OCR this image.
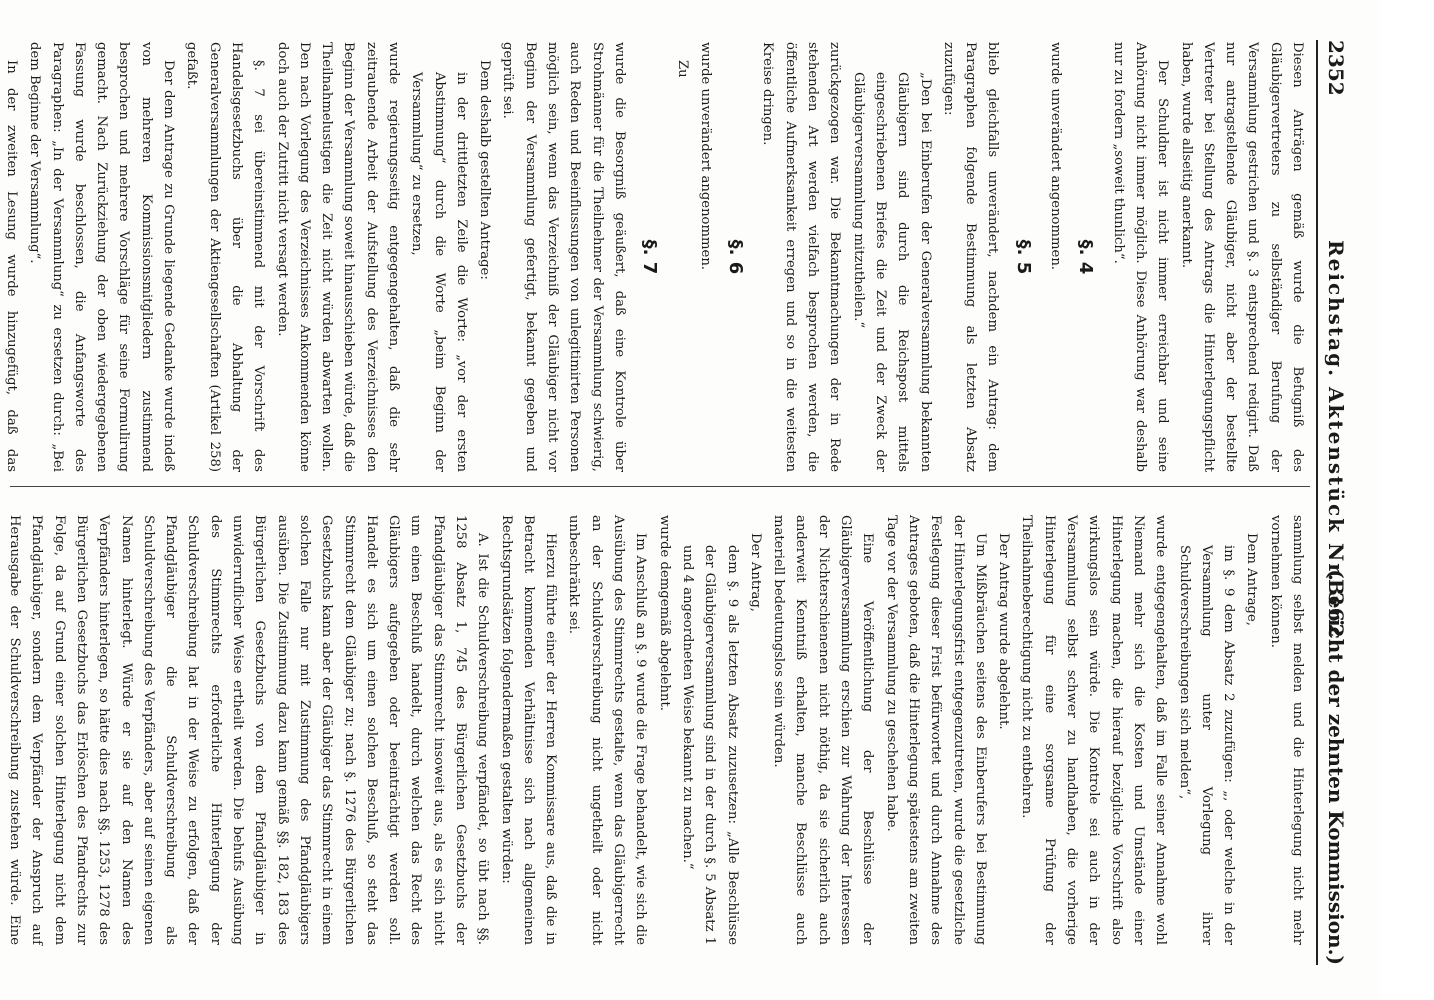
2352
Reichstag. Aktenstück Nr. 362.
(Bericht der zehnten Kommission.)

Diesen Anträgen gemäß wurde die Befugniß des Gläubigervertreters zu selbständiger Berufung der Versammlung gestrichen und §. 3 entsprechend redigirt. Daß nur antragstellende Gläubiger, nicht aber der bestellte Vertreter bei Stellung des Antrags die Hinterlegungspflicht haben, wurde allseitig anerkannt.

Der Schuldner ist nicht immer erreichbar und seine Anhörung nicht immer möglich. Diese Anhörung war deshalb nur zu fordern „soweit thunlich“.

§. 4

wurde unverändert angenommen.

§. 5

blieb gleichfalls unverändert, nachdem ein Antrag: dem Paragraphen folgende Bestimmung als letzten Absatz zuzufügen:

„Den bei Einberufen der Generalversammlung bekannten Gläubigern sind durch die Reichspost mittels eingeschriebenen Briefes die Zeit und der Zweck der Gläubigerversammlung mitzutheilen.“

zurückgezogen war. Die Bekanntmachungen der in Rede stehenden Art werden vielfach besprochen werden, die öffentliche Aufmerksamkeit erregen und so in die weitesten Kreise dringen.

§. 6

wurde unverändert angenommen.

Zu

§. 7

wurde die Besorgniß geäußert, daß eine Kontrole über Strohmänner für die Theilnehmer der Versammlung schwierig, auch Reden und Beeinflussungen von unlegitimirten Personen möglich sein, wenn das Verzeichniß der Gläubiger nicht vor Beginn der Versammlung gefertigt, bekannt gegeben und geprüft sei.

Dem deshalb gestellten Antrage:

in der drittletzten Zeile die Worte: „vor der ersten Abstimmung“ durch die Worte „beim Beginn der Versammlung“ zu ersetzen,

wurde regierungsseitig entgegengehalten, daß die sehr zeitraubende Arbeit der Aufstellung des Verzeichnisses den Beginn der Versammlung soweit hinausschieben würde, daß die Theilnahmelustigen die Zeit nicht würden abwarten wollen. Den nach Vorlegung des Verzeichnisses Ankommenden könne doch auch der Zutritt nicht versagt werden.

§. 7 sei übereinstimmend mit der Vorschrift des Handelsgesetzbuchs über die Abhaltung der Generalversammlungen der Aktiengesellschaften (Artikel 258) gefaßt.

Der dem Antrage zu Grunde liegende Gedanke wurde indeß von mehreren Kommissionsmitgliedern zustimmend besprochen und mehrere Vorschläge für seine Formulirung gemacht. Nach Zurückziehung der oben wiedergegebenen Fassung wurde beschlossen, die Anfangsworte des Paragraphen: „In der Versammlung“ zu ersetzen durch: „Bei dem Beginne der Versammlung“.

In der zweiten Lesung wurde hinzugefügt, daß das

sammlung selbst melden und die Hinterlegung nicht mehr vornehmen können.

Dem Antrage,

im §. 9 dem Absatz 2 zuzufügen: „, oder welche in der Versammlung unter Vorlegung ihrer Schuldverschreibungen sich melden“,

wurde entgegengehalten, daß im Falle seiner Annahme wohl Niemand mehr sich die Kosten und Umstände einer Hinterlegung machen, die hierauf bezügliche Vorschrift also wirkungslos sein würde. Die Kontrole sei auch in der Versammlung selbst schwer zu handhaben, die vorherige Hinterlegung für eine sorgsame Prüfung der Theilnahmeberechtigung nicht zu entbehren.

Der Antrag wurde abgelehnt.

Um Mißbräuchen seitens des Einberufers bei Bestimmung der Hinterlegungsfrist entgegenzutreten, wurde die gesetzliche Festlegung dieser Frist befürwortet und durch Annahme des Antrages geboten, daß die Hinterlegung spätestens am zweiten Tage vor der Versammlung zu geschehen habe.

Eine Veröffentlichung der Beschlüsse der Gläubigerversammlung erschien zur Wahrung der Interessen der Nichterschienenen nicht nöthig, da sie sicherlich auch anderweit Kenntniß erhalten, manche Beschlüsse auch materiell bedeutungslos sein würden.

Der Antrag,

dem §. 9 als letzten Absatz zuzusetzen: „Alle Beschlüsse der Gläubigerversammlung sind in der durch §. 5 Absatz 1 und 4 angeordneten Weise bekannt zu machen.“

wurde demgemäß abgelehnt.

Im Anschluß an §. 9 wurde die Frage behandelt, wie sich die Ausübung des Stimmrechts gestalte, wenn das Gläubigerrecht an der Schuldverschreibung nicht ungetheilt oder nicht unbeschränkt sei.

Hierzu führte einer der Herren Kommissare aus, daß die in Betracht kommenden Verhältnisse sich nach allgemeinen Rechtsgrundsätzen folgendermaßen gestalten würden:

A. Ist die Schuldverschreibung verpfändet, so übt nach §§. 1258 Absatz 1, 745 des Bürgerlichen Gesetzbuchs der Pfandgläubiger das Stimmrecht insoweit aus, als es sich nicht um einen Beschluß handelt, durch welchen das Recht des Gläubigers aufgegeben oder beeinträchtigt werden soll. Handelt es sich um einen solchen Beschluß, so steht das Stimmrecht dem Gläubiger zu; nach §. 1276 des Bürgerlichen Gesetzbuchs kann aber der Gläubiger das Stimmrecht in einem solchen Falle nur mit Zustimmung des Pfandgläubigers ausüben. Die Zustimmung dazu kann gemäß §§. 182, 183 des Bürgerlichen Gesetzbuchs von dem Pfandgläubiger in unwiderruflicher Weise ertheilt werden. Die behufs Ausübung des Stimmrechts erforderliche Hinterlegung der Schuldverschreibung hat in der Weise zu erfolgen, daß der Pfandgläubiger die Schuldverschreibung als Schuldverschreibung des Verpfänders, aber auf seinen eigenen Namen hinterlegt. Würde er sie auf den Namen des Verpfänders hinterlegen, so hätte dies nach §§. 1253, 1278 des Bürgerlichen Gesetzbuchs das Erlöschen des Pfandrechts zur Folge, da auf Grund einer solchen Hinterlegung nicht dem Pfandgläubiger, sondern dem Verpfänder der Anspruch auf Herausgabe der Schuldverschreibung zustehen würde. Eine
